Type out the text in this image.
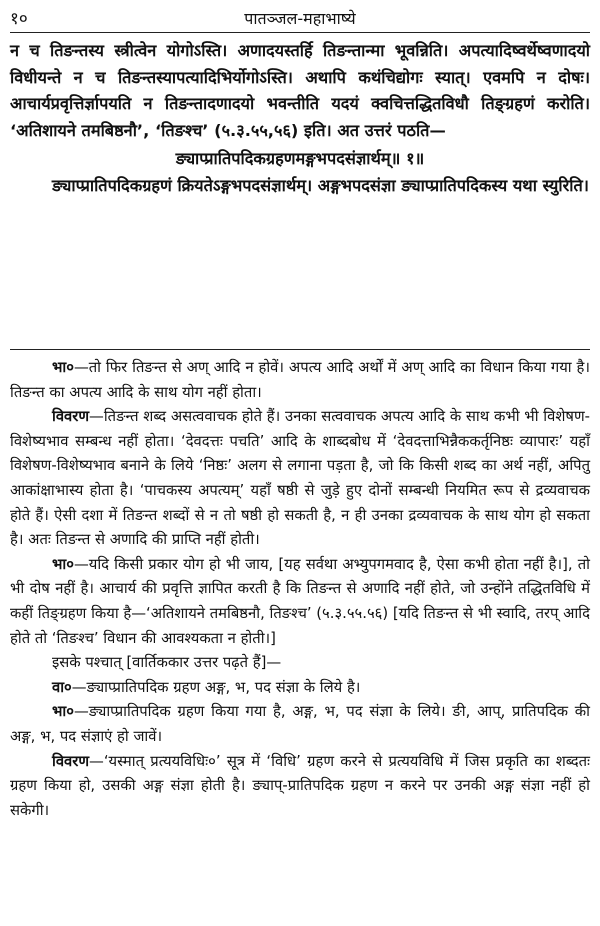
१०	पातञ्जल-महाभाष्ये

न च तिङन्तस्य स्त्रीत्वेन योगोऽस्ति। अणादयस्तर्हि तिङन्तान्मा भूवन्निति। अपत्यादिष्वर्थेष्वणादयो विधीयन्ते न च तिङन्तस्यापत्यादिभिर्योगोऽस्ति। अथापि कथंचिद्योगः स्यात्। एवमपि न दोषः। आचार्यप्रवृत्तिर्ज्ञापयति न तिङन्तादणादयो भवन्तीति यदयं क्वचित्तद्धितविधौ तिङ्ग्रहणं करोति। ‘अतिशायने तमबिष्ठनौ’, ‘तिङश्च’ (५.३.५५,५६) इति। अत उत्तरं पठति—

ङ्याप्प्रातिपदिकग्रहणमङ्गभपदसंज्ञार्थम्॥ १॥

ङ्याप्प्रातिपदिकग्रहणं क्रियतेऽङ्गभपदसंज्ञार्थम्। अङ्गभपदसंज्ञा ङ्याप्प्रातिपदिकस्य यथा स्युरिति।

भा०—तो फिर तिङन्त से अण् आदि न होवें। अपत्य आदि अर्थों में अण् आदि का विधान किया गया है। तिङन्त का अपत्य आदि के साथ योग नहीं होता।

विवरण—तिङन्त शब्द असत्ववाचक होते हैं। उनका सत्ववाचक अपत्य आदि के साथ कभी भी विशेषण-विशेष्यभाव सम्बन्ध नहीं होता। ‘देवदत्तः पचति’ आदि के शाब्दबोध में ‘देवदत्ताभिन्नैककर्तृनिष्ठः व्यापारः’ यहाँ विशेषण-विशेष्यभाव बनाने के लिये ‘निष्ठः’ अलग से लगाना पड़ता है, जो कि किसी शब्द का अर्थ नहीं, अपितु आकांक्षाभास्य होता है। ‘पाचकस्य अपत्यम्’ यहाँ षष्ठी से जुड़े हुए दोनों सम्बन्धी नियमित रूप से द्रव्यवाचक होते हैं। ऐसी दशा में तिङन्त शब्दों से न तो षष्ठी हो सकती है, न ही उनका द्रव्यवाचक के साथ योग हो सकता है। अतः तिङन्त से अणादि की प्राप्ति नहीं होती।

भा०—यदि किसी प्रकार योग हो भी जाय, [यह सर्वथा अभ्युपगमवाद है, ऐसा कभी होता नहीं है।], तो भी दोष नहीं है। आचार्य की प्रवृत्ति ज्ञापित करती है कि तिङन्त से अणादि नहीं होते, जो उन्होंने तद्धितविधि में कहीं तिङ्ग्रहण किया है—‘अतिशायने तमबिष्ठनौ, तिङश्च’ (५.३.५५.५६) [यदि तिङन्त से भी स्वादि, तरप् आदि होते तो ‘तिङश्च’ विधान की आवश्यकता न होती।]

इसके पश्चात् [वार्तिककार उत्तर पढ़ते हैं]—

वा०—ङ्याप्प्रातिपदिक ग्रहण अङ्ग, भ, पद संज्ञा के लिये है।

भा०—ङ्याप्प्रातिपदिक ग्रहण किया गया है, अङ्ग, भ, पद संज्ञा के लिये। ङी, आप्, प्रातिपदिक की अङ्ग, भ, पद संज्ञाएं हो जावें।

विवरण—‘यस्मात् प्रत्ययविधिः०’ सूत्र में ‘विधि’ ग्रहण करने से प्रत्ययविधि में जिस प्रकृति का शब्दतः ग्रहण किया हो, उसकी अङ्ग संज्ञा होती है। ङ्याप्-प्रातिपदिक ग्रहण न करने पर उनकी अङ्ग संज्ञा नहीं हो सकेगी।
